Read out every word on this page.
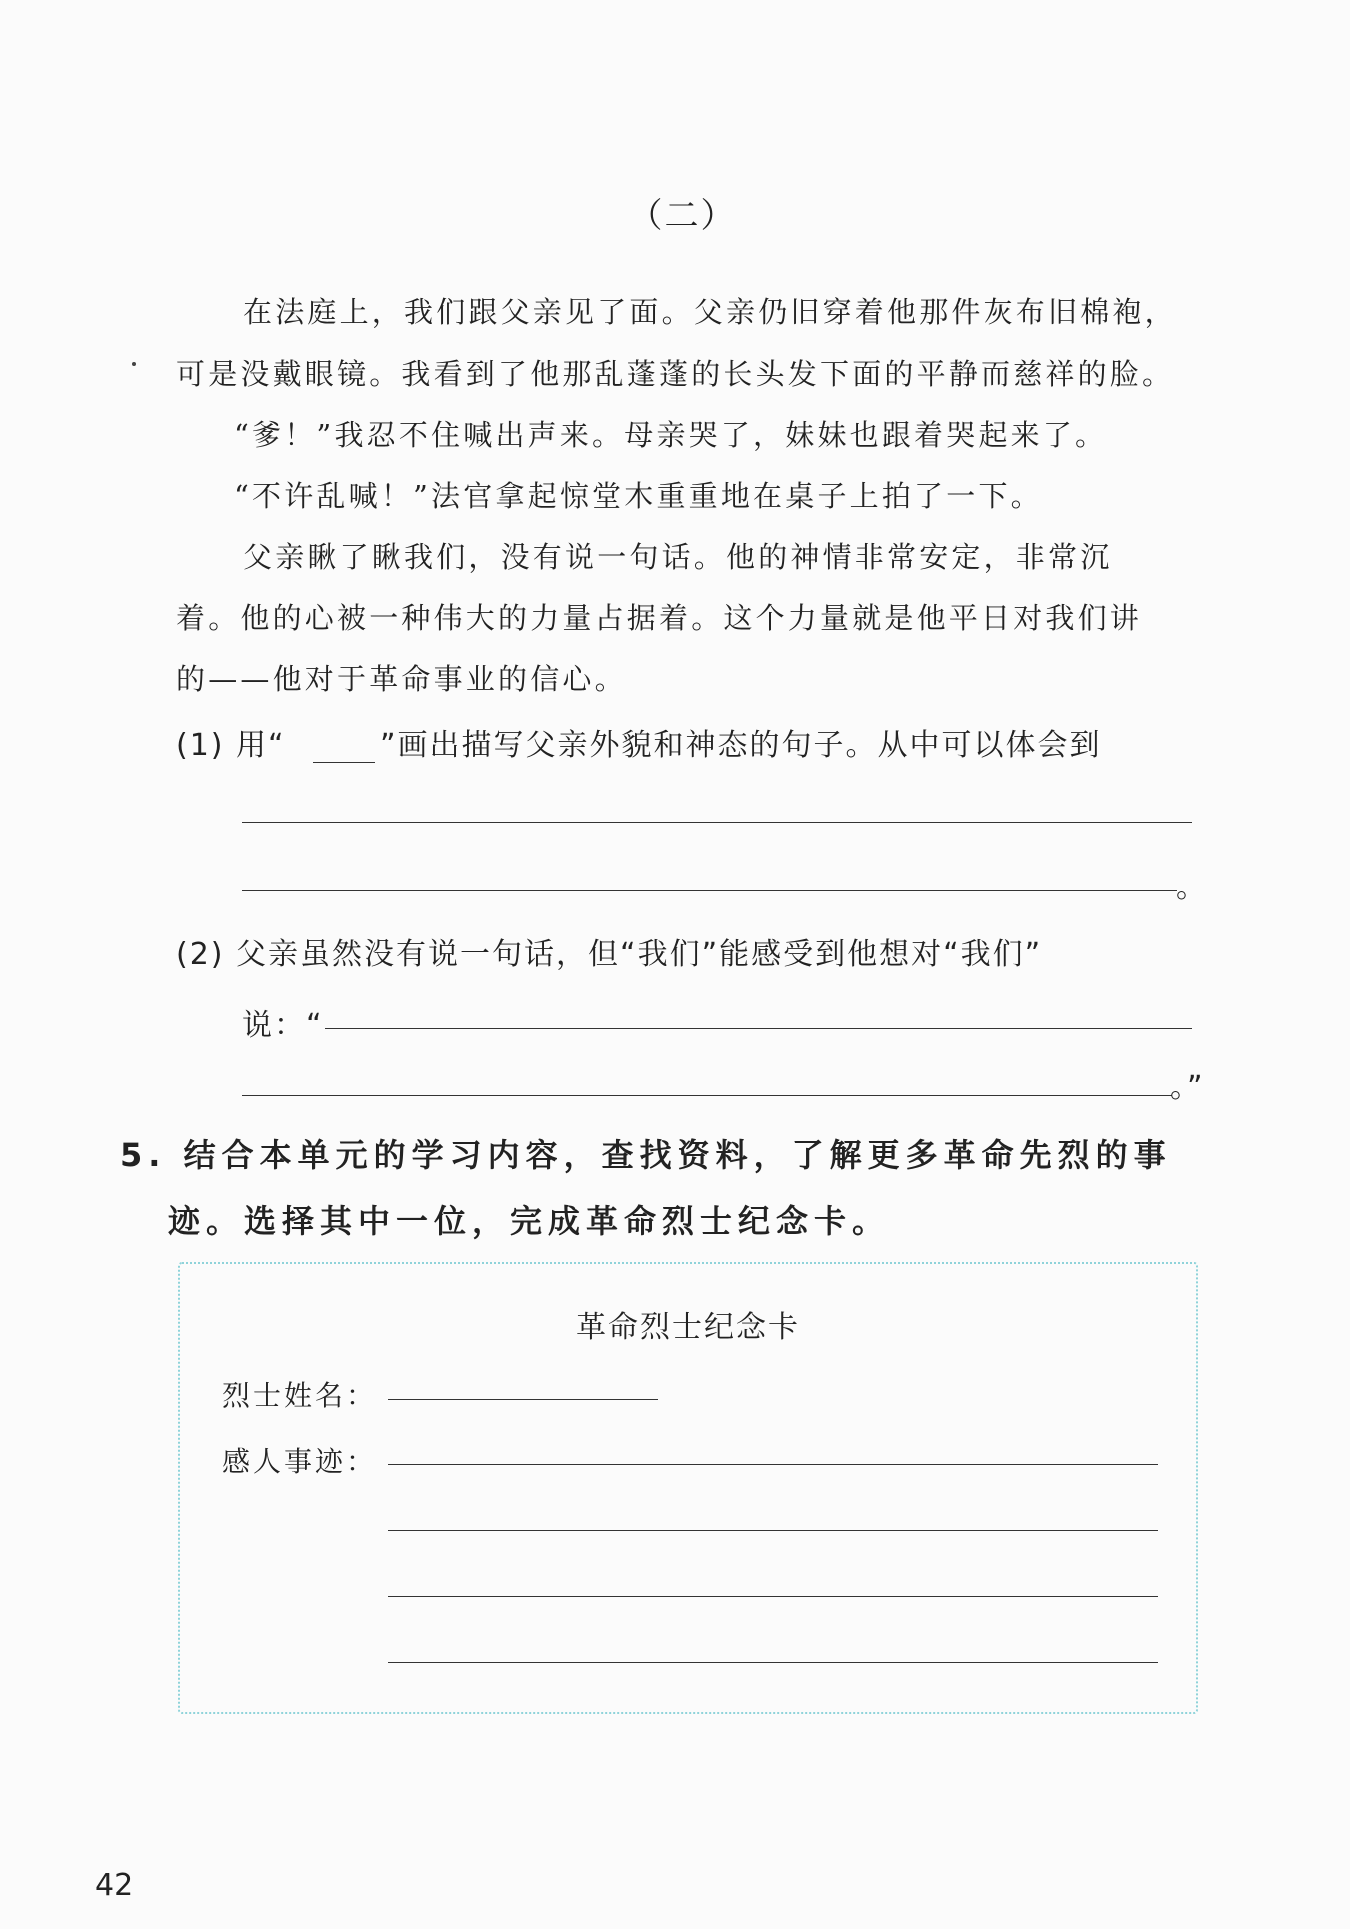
（二）
在法庭上，我们跟父亲见了面。父亲仍旧穿着他那件灰布旧棉袍，
可是没戴眼镜。我看到了他那乱蓬蓬的长头发下面的平静而慈祥的脸。
“爹！”我忍不住喊出声来。母亲哭了，妹妹也跟着哭起来了。
“不许乱喊！”法官拿起惊堂木重重地在桌子上拍了一下。
父亲瞅了瞅我们，没有说一句话。他的神情非常安定，非常沉
着。他的心被一种伟大的力量占据着。这个力量就是他平日对我们讲
的——他对于革命事业的信心。
(1) 用“	”画出描写父亲外貌和神态的句子。从中可以体会到
。
(2) 父亲虽然没有说一句话，但“我们”能感受到他想对“我们”
说：“
。”
5. 结合本单元的学习内容，查找资料，了解更多革命先烈的事
迹。选择其中一位，完成革命烈士纪念卡。
革命烈士纪念卡
烈士姓名：
感人事迹：
42
